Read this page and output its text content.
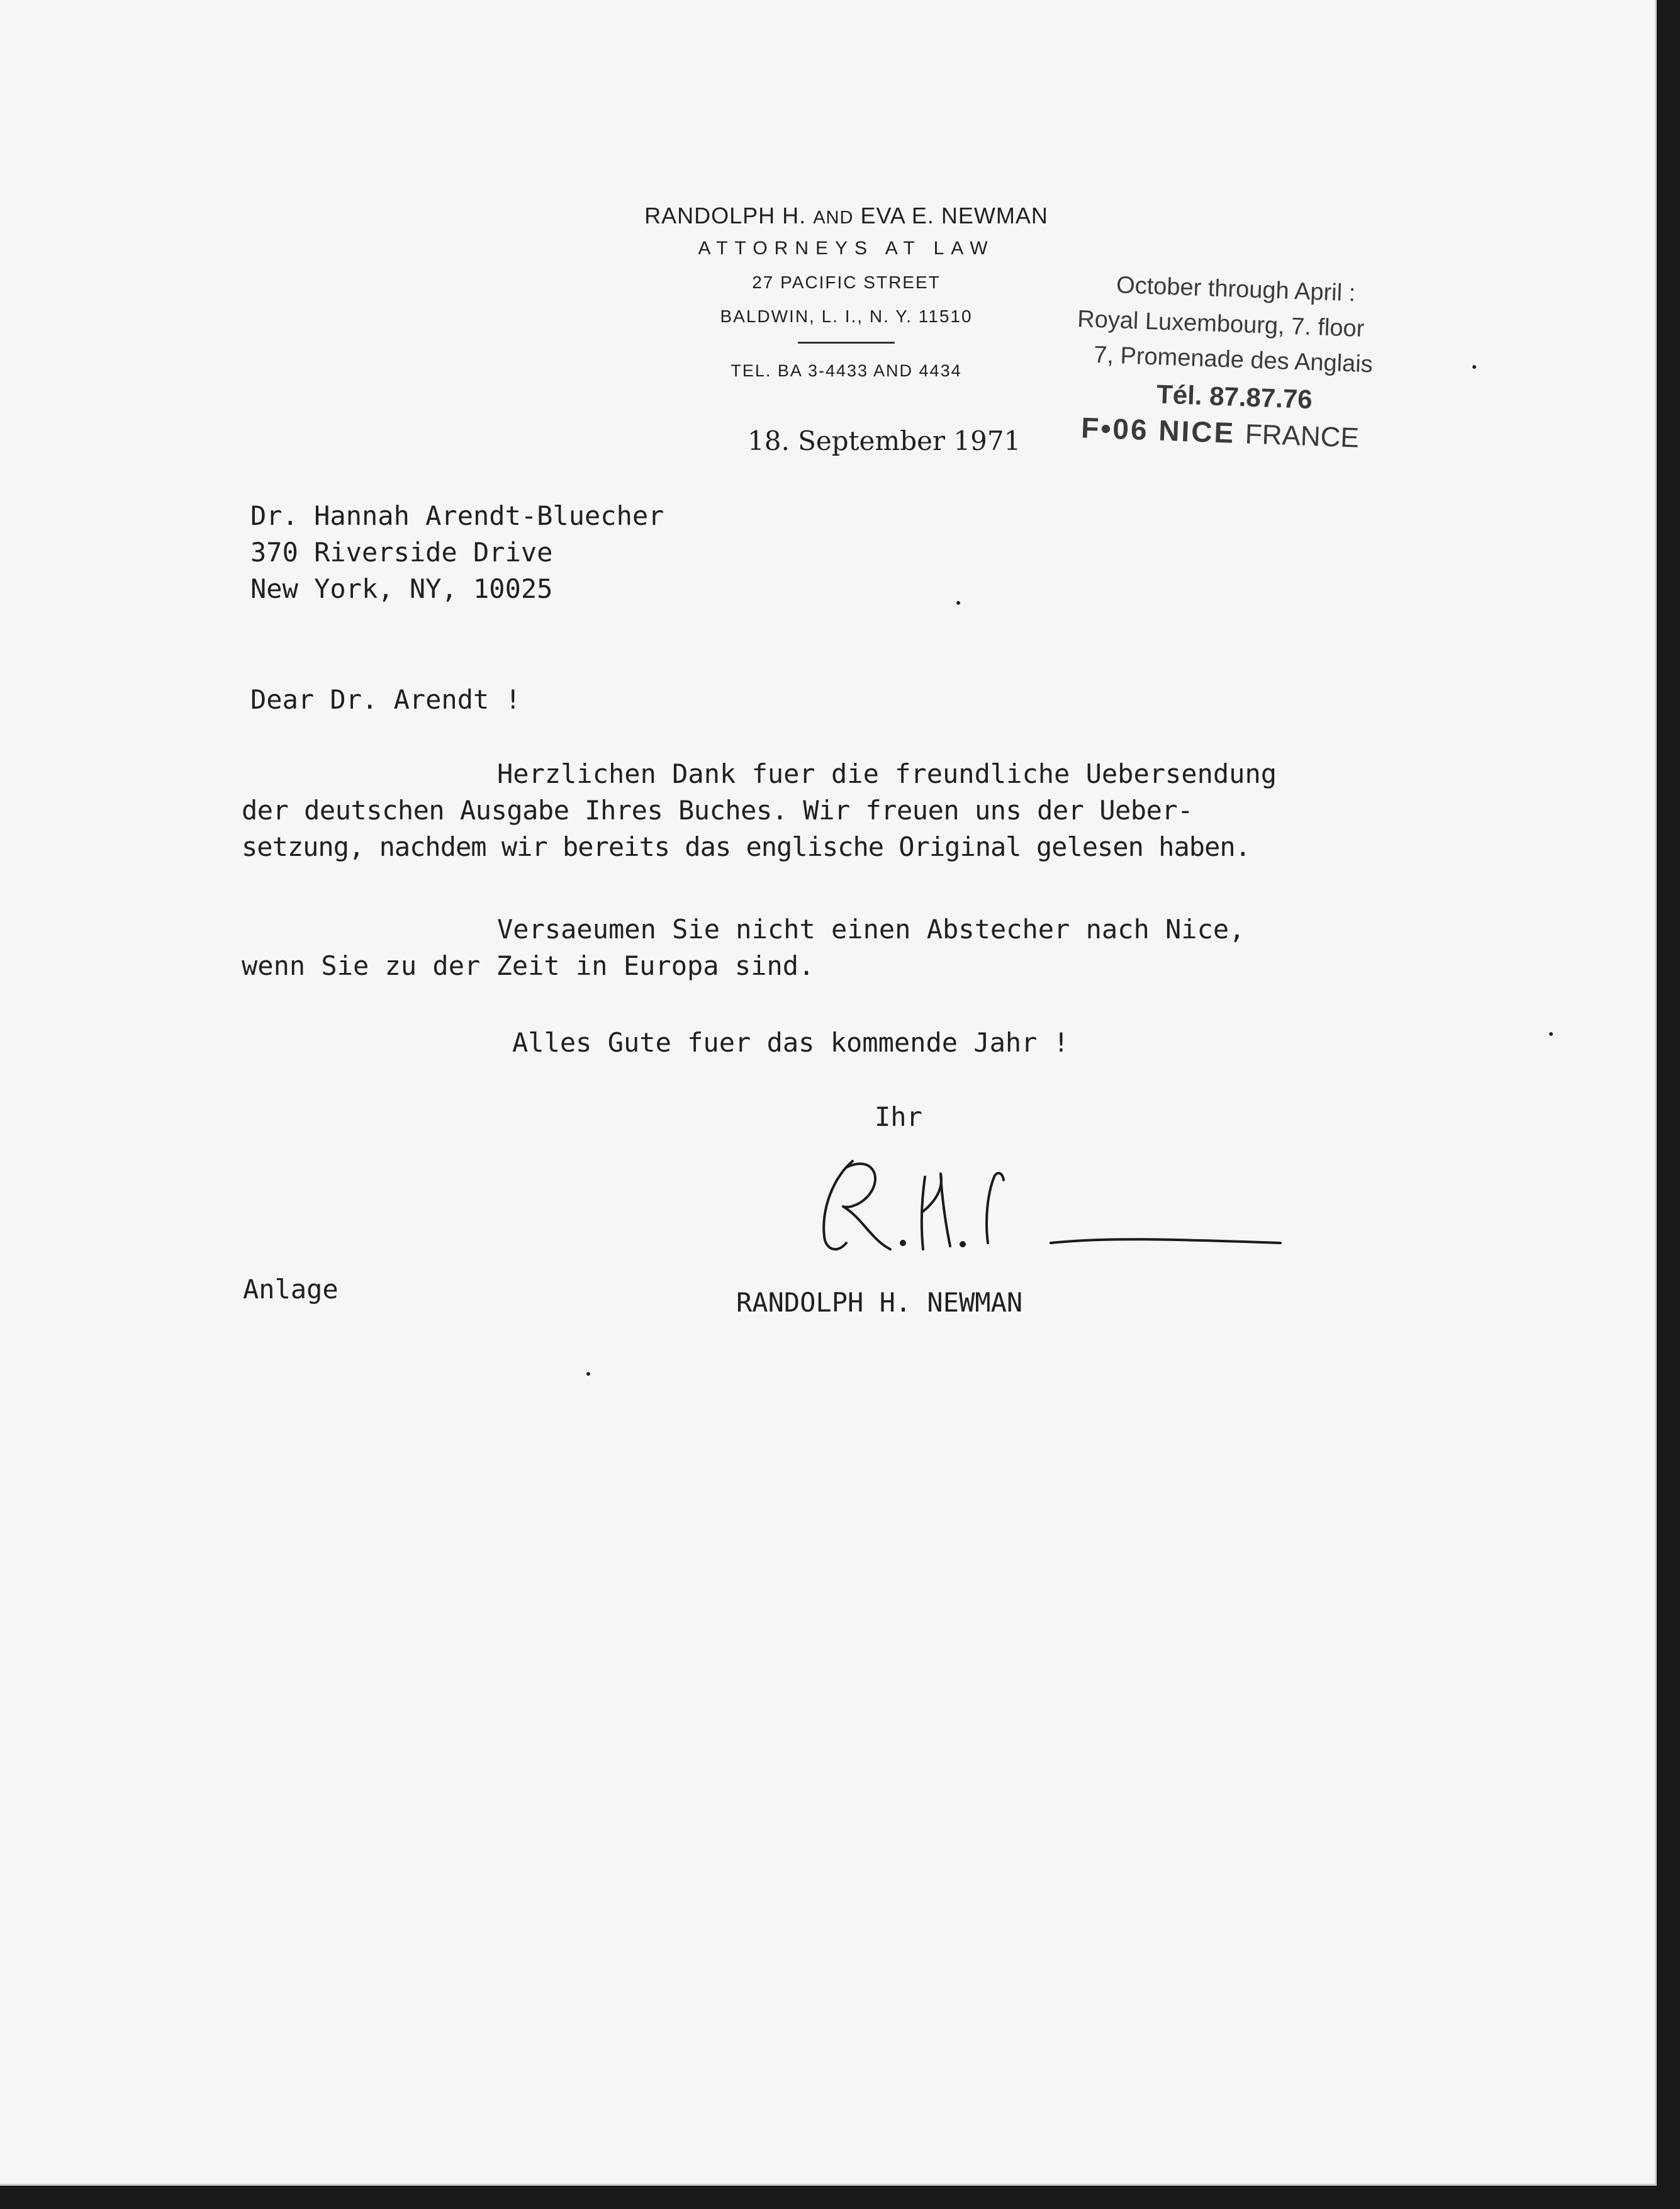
RANDOLPH H. AND EVA E. NEWMAN
ATTORNEYS AT LAW
27 PACIFIC STREET
BALDWIN, L. I., N. Y. 11510
TEL. BA 3-4433 AND 4434
October through April :
Royal Luxembourg, 7. floor
7, Promenade des Anglais
Tél. 87.87.76
F•06 NICE FRANCE
18. September 1971
Dr. Hannah Arendt-Bluecher
370 Riverside Drive
New York, NY, 10025
Dear Dr. Arendt !
Herzlichen Dank fuer die freundliche Uebersendung
der deutschen Ausgabe Ihres Buches. Wir freuen uns der Ueber-
setzung, nachdem wir bereits das englische Original gelesen haben.
Versaeumen Sie nicht einen Abstecher nach Nice,
wenn Sie zu der Zeit in Europa sind.
Alles Gute fuer das kommende Jahr !
Ihr
Anlage	RANDOLPH H. NEWMAN
